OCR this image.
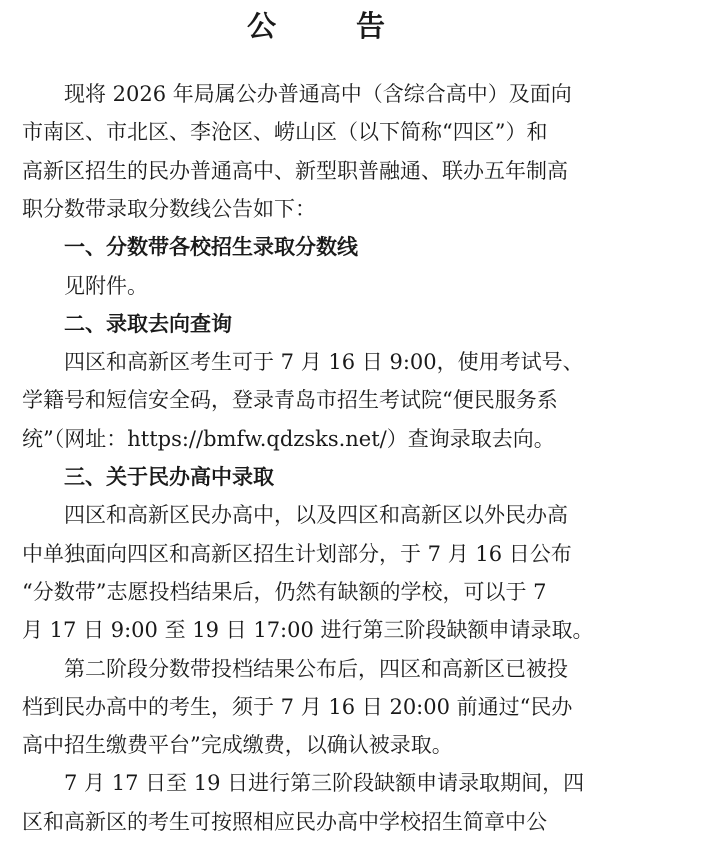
公	告
现将 2026 年局属公办普通高中（含综合高中）及面向
市南区、市北区、李沧区、崂山区（以下简称“四区”）和
高新区招生的民办普通高中、新型职普融通、联办五年制高
职分数带录取分数线公告如下：
一、分数带各校招生录取分数线
见附件。
二、录取去向查询
四区和高新区考生可于 7 月 16 日 9:00，使用考试号、
学籍号和短信安全码，登录青岛市招生考试院“便民服务系
统”（网址：https://bmfw.qdzsks.net/）查询录取去向。
三、关于民办高中录取
四区和高新区民办高中，以及四区和高新区以外民办高
中单独面向四区和高新区招生计划部分，于 7 月 16 日公布
“分数带”志愿投档结果后，仍然有缺额的学校，可以于 7
月 17 日 9:00 至 19 日 17:00 进行第三阶段缺额申请录取。
第二阶段分数带投档结果公布后，四区和高新区已被投
档到民办高中的考生，须于 7 月 16 日 20:00 前通过“民办
高中招生缴费平台”完成缴费，以确认被录取。
7 月 17 日至 19 日进行第三阶段缺额申请录取期间，四
区和高新区的考生可按照相应民办高中学校招生简章中公
